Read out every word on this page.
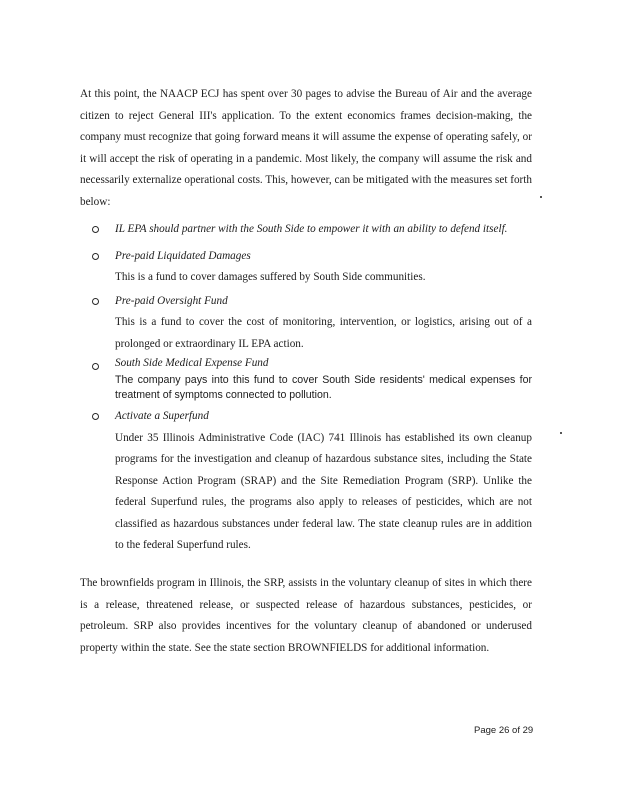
At this point, the NAACP ECJ has spent over 30 pages to advise the Bureau of Air and the average citizen to reject General III's application. To the extent economics frames decision-making, the company must recognize that going forward means it will assume the expense of operating safely, or it will accept the risk of operating in a pandemic. Most likely, the company will assume the risk and necessarily externalize operational costs. This, however, can be mitigated with the measures set forth below:

IL EPA should partner with the South Side to empower it with an ability to defend itself.
Pre-paid Liquidated Damages
This is a fund to cover damages suffered by South Side communities.
Pre-paid Oversight Fund
This is a fund to cover the cost of monitoring, intervention, or logistics, arising out of a prolonged or extraordinary IL EPA action.
South Side Medical Expense Fund
The company pays into this fund to cover South Side residents' medical expenses for treatment of symptoms connected to pollution.
Activate a Superfund
Under 35 Illinois Administrative Code (IAC) 741 Illinois has established its own cleanup programs for the investigation and cleanup of hazardous substance sites, including the State Response Action Program (SRAP) and the Site Remediation Program (SRP). Unlike the federal Superfund rules, the programs also apply to releases of pesticides, which are not classified as hazardous substances under federal law. The state cleanup rules are in addition to the federal Superfund rules.

The brownfields program in Illinois, the SRP, assists in the voluntary cleanup of sites in which there is a release, threatened release, or suspected release of hazardous substances, pesticides, or petroleum. SRP also provides incentives for the voluntary cleanup of abandoned or underused property within the state. See the state section BROWNFIELDS for additional information.

Page 26 of 29
